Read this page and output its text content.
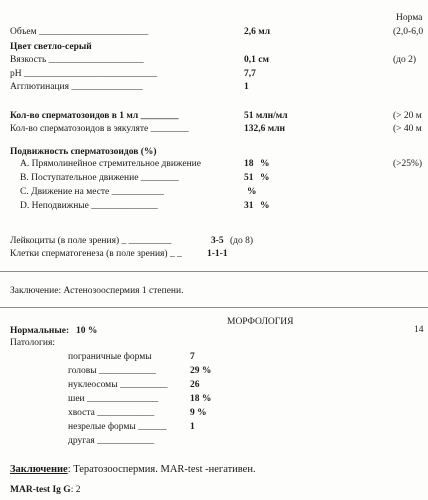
Норма
Объем _______________________	2,6 мл	(2,0-6,0
Цвет светло-серый
Вязкость ____________________	0,1 см	(до 2)
pH ____________________________	7,7
Агглютинация _______________	1
Кол-во сперматозоидов в 1 мл ________	51 млн/мл	(> 20 м
Кол-во сперматозоидов в эякуляте ________	132,6 млн	(> 40 м
Подвижность сперматозоидов (%)
A. Прямолинейное стремительное движение	18 %	(>25%)
B. Поступательное движение ________	51 %
C. Движение на месте ___________	%
D. Неподвижные ______________	31 %
Лейкоциты (в поле зрения) _ _________	3-5 (до 8)
Клетки сперматогенеза (в поле зрения) _ _	1-1-1
Заключение: Астенозооспермия 1 степени.
МОРФОЛОГИЯ
14
Нормальные: 10 %
Патология:
пограничные формы	7
головы ____________	29 %
нуклеосомы __________ 26
шеи _______________	18 %
хвоста ____________	9 %
незрелые формы ______ 1
другая ____________
Заключение: Тератозооспермия. MAR-test -негативен.
MAR-test Ig G: 2
